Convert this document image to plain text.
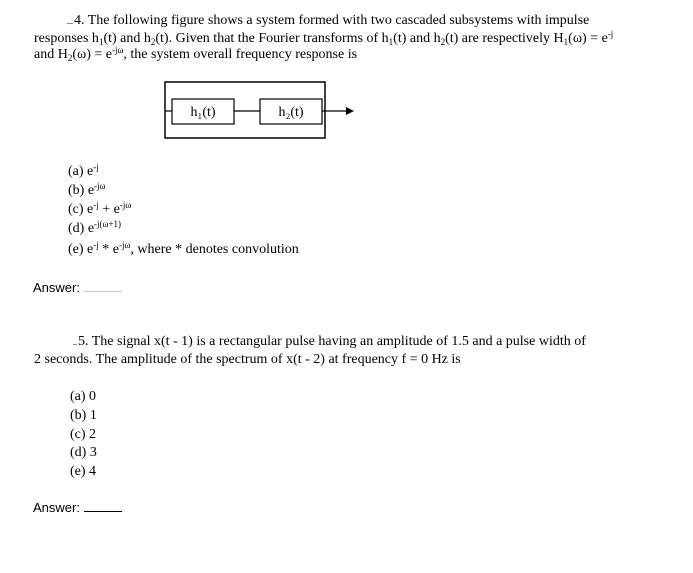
4. The following figure shows a system formed with two cascaded subsystems with impulse
responses $h_1(t)$ and $h_2(t)$. Given that the Fourier transforms of $h_1(t)$ and $h_2(t)$ are respectively $H_1(\omega) = e^{-j}$
and $H_2(\omega) = e^{-j\omega}$, the system overall frequency response is
h₁(t)	h₂(t)
(a) $e^{-j}$
(b) $e^{-j\omega}$
(c) $e^{-j} + e^{-j\omega}$
(d) $e^{-j(\omega+1)}$
(e) $e^{-j} * e^{-j\omega}$, where * denotes convolution
Answer:
5. The signal x(t - 1) is a rectangular pulse having an amplitude of 1.5 and a pulse width of
2 seconds. The amplitude of the spectrum of x(t - 2) at frequency f = 0 Hz is
(a) 0
(b) 1
(c) 2
(d) 3
(e) 4
Answer:
